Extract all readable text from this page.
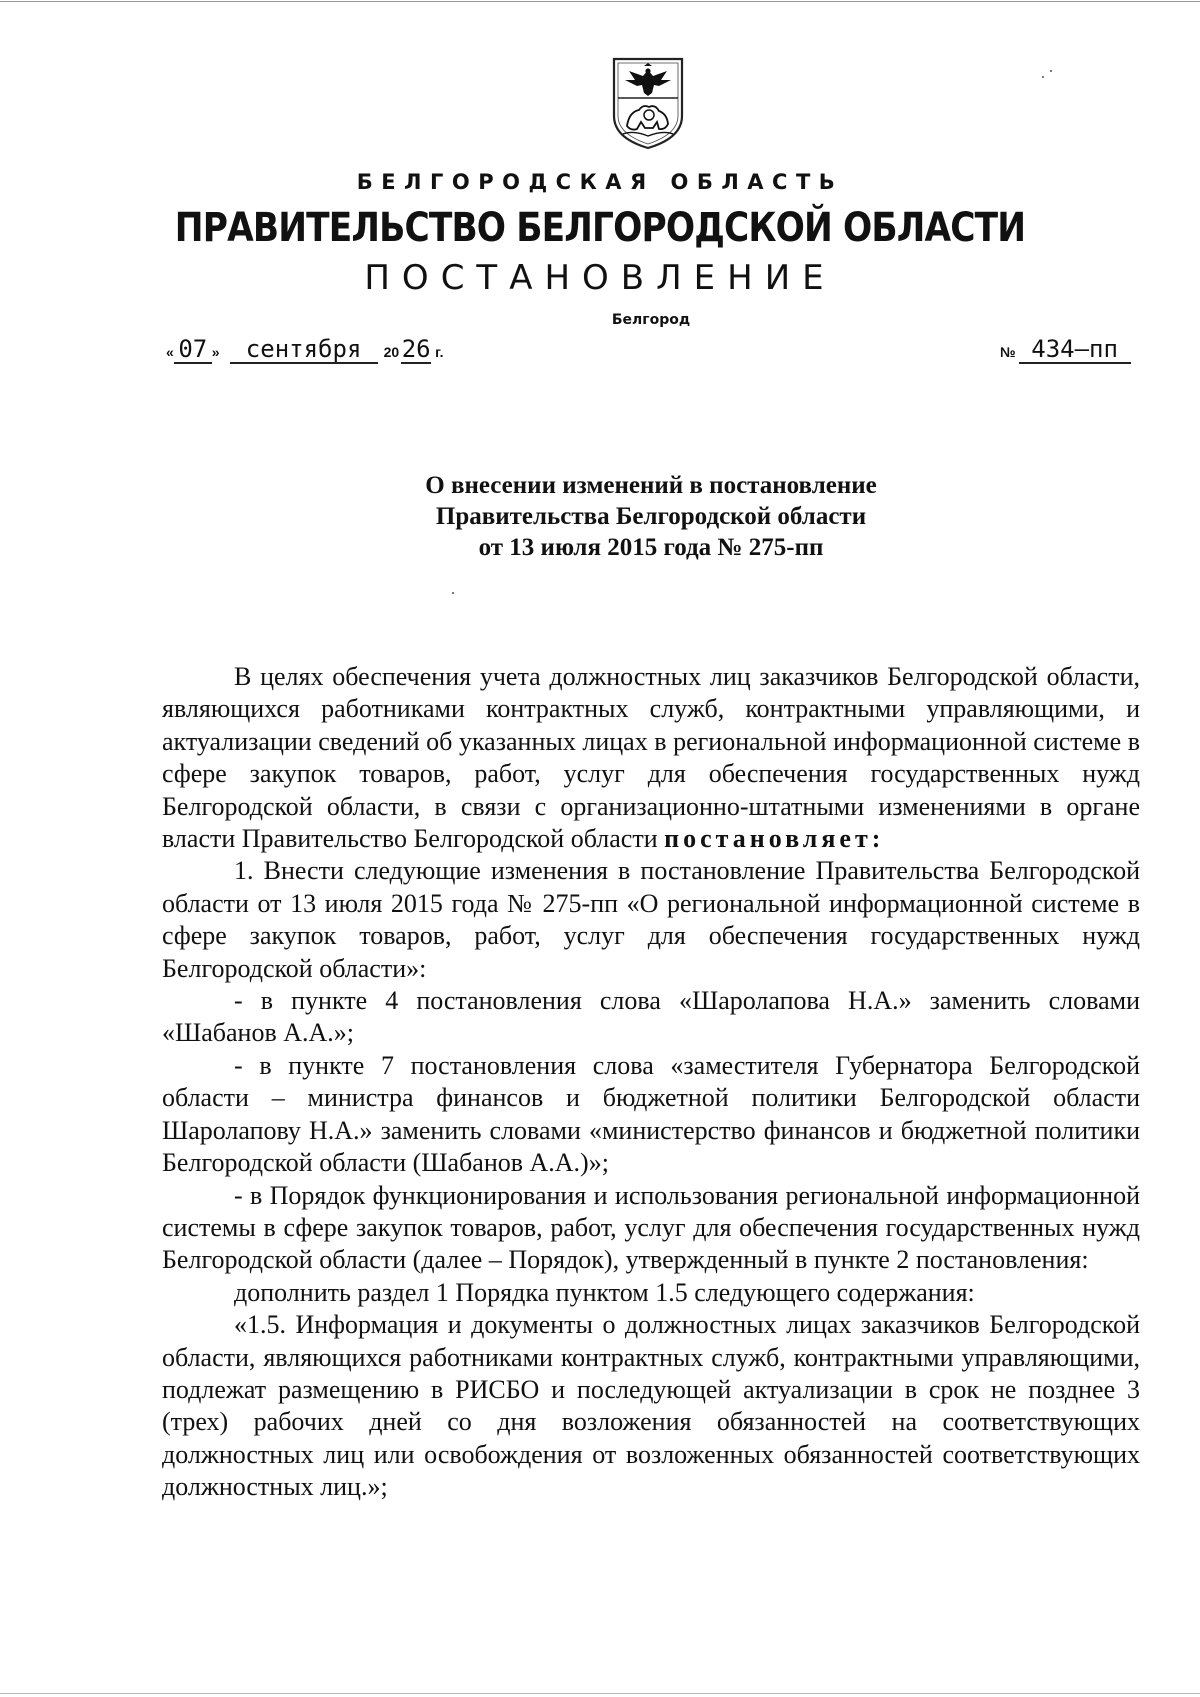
БЕЛГОРОДСКАЯ ОБЛАСТЬ
ПРАВИТЕЛЬСТВО БЕЛГОРОДСКОЙ ОБЛАСТИ
ПОСТАНОВЛЕНИЕ
Белгород
« 07 »	сентября	20 26 г.	№ 434–пп
О внесении изменений в постановление
Правительства Белгородской области
от 13 июля 2015 года № 275-пп

В целях обеспечения учета должностных лиц заказчиков Белгородской области, являющихся работниками контрактных служб, контрактными управляющими, и актуализации сведений об указанных лицах в региональной информационной системе в сфере закупок товаров, работ, услуг для обеспечения государственных нужд Белгородской области, в связи с организационно-штатными изменениями в органе власти Правительство Белгородской области постановляет:

1. Внести следующие изменения в постановление Правительства Белгородской области от 13 июля 2015 года № 275-пп «О региональной информационной системе в сфере закупок товаров, работ, услуг для обеспечения государственных нужд Белгородской области»:

- в пункте 4 постановления слова «Шаролапова Н.А.» заменить словами «Шабанов А.А.»;

- в пункте 7 постановления слова «заместителя Губернатора Белгородской области – министра финансов и бюджетной политики Белгородской области Шаролапову Н.А.» заменить словами «министерство финансов и бюджетной политики Белгородской области (Шабанов А.А.)»;

- в Порядок функционирования и использования региональной информационной системы в сфере закупок товаров, работ, услуг для обеспечения государственных нужд Белгородской области (далее – Порядок), утвержденный в пункте 2 постановления:

дополнить раздел 1 Порядка пунктом 1.5 следующего содержания:

«1.5. Информация и документы о должностных лицах заказчиков Белгородской области, являющихся работниками контрактных служб, контрактными управляющими, подлежат размещению в РИСБО и последующей актуализации в срок не позднее 3 (трех) рабочих дней со дня возложения обязанностей на соответствующих должностных лиц или освобождения от возложенных обязанностей соответствующих должностных лиц.»;
